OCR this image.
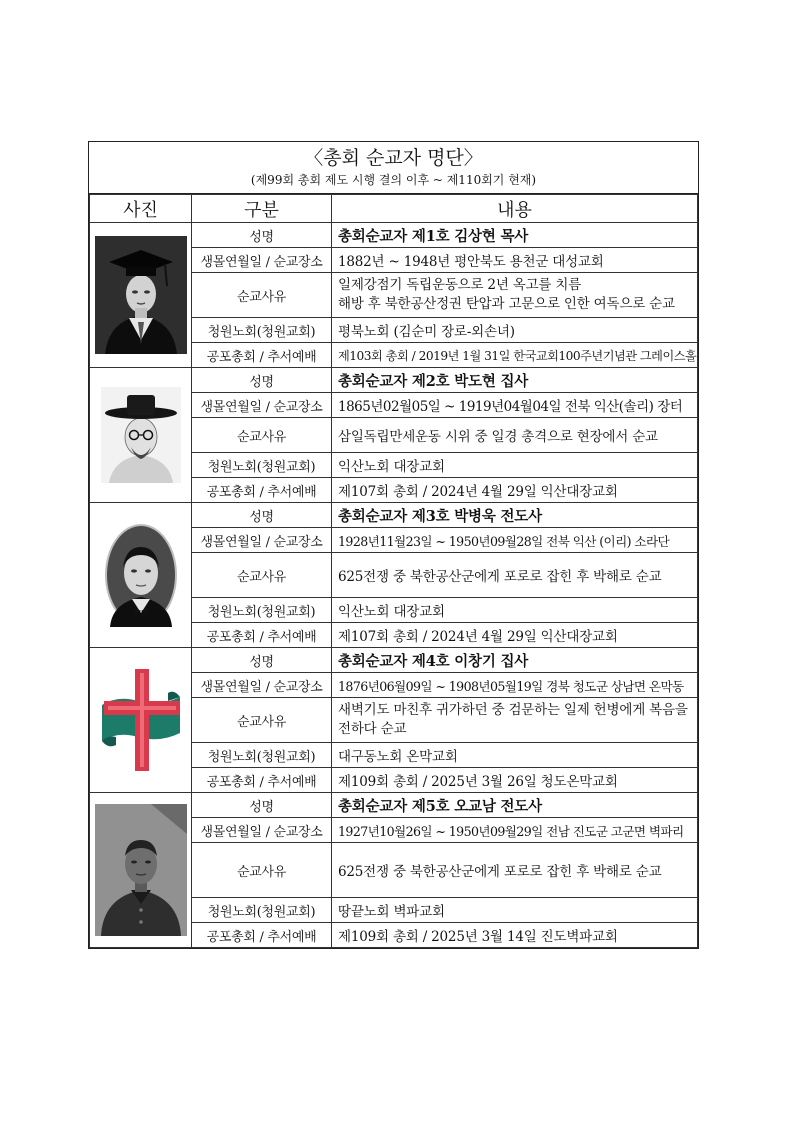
〈총회 순교자 명단〉
(제99회 총회 제도 시행 결의 이후 ~ 제110회기 현재)
사진	구분	내용

	성명	총회순교자 제1호 김상현 목사
	생몰연월일 / 순교장소	1882년 ~ 1948년 평안북도 용천군 대성교회
	순교사유	일제강점기 독립운동으로 2년 옥고를 치름
해방 후 북한공산정권 탄압과 고문으로 인한 여독으로 순교

	청원노회(청원교회)	평북노회 (김순미 장로-외손녀)
	공포총회 / 추서예배	제103회 총회 / 2019년 1월 31일 한국교회100주년기념관 그레이스홀

	성명	총회순교자 제2호 박도현 집사
	생몰연월일 / 순교장소	1865년02월05일 ~ 1919년04월04일 전북 익산(솔리) 장터
	순교사유	삼일독립만세운동 시위 중 일경 총격으로 현장에서 순교
	청원노회(청원교회)	익산노회 대장교회
	공포총회 / 추서예배	제107회 총회 / 2024년 4월 29일 익산대장교회

	성명	총회순교자 제3호 박병욱 전도사
	생몰연월일 / 순교장소	1928년11월23일 ~ 1950년09월28일 전북 익산 (이리) 소라단
	순교사유	625전쟁 중 북한공산군에게 포로로 잡힌 후 박해로 순교
	청원노회(청원교회)	익산노회 대장교회
	공포총회 / 추서예배	제107회 총회 / 2024년 4월 29일 익산대장교회

	성명	총회순교자 제4호 이창기 집사
	생몰연월일 / 순교장소	1876년06월09일 ~ 1908년05월19일 경북 청도군 상남면 온막동
	순교사유	새벽기도 마친후 귀가하던 중 검문하는 일제 헌병에게 복음을 전하다 순교
	청원노회(청원교회)	대구동노회 온막교회
	공포총회 / 추서예배	제109회 총회 / 2025년 3월 26일 청도온막교회

	성명	총회순교자 제5호 오교남 전도사
	생몰연월일 / 순교장소	1927년10월26일 ~ 1950년09월29일 전남 진도군 고군면 벽파리
	순교사유	625전쟁 중 북한공산군에게 포로로 잡힌 후 박해로 순교
	청원노회(청원교회)	땅끝노회 벽파교회
	공포총회 / 추서예배	제109회 총회 / 2025년 3월 14일 진도벽파교회
